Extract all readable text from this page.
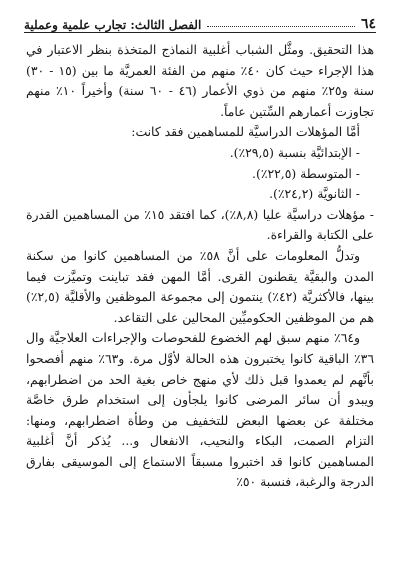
٦٤
الفصل الثالث: تجارب علمية وعملية

هذا التحقيق. ومثَّل الشباب أغلبية النماذج المتخذة بنظر الاعتبار في هذا الإجراء حيث كان ٤٠٪ منهم من الفئة العمريَّة ما بين (١٥ - ٣٠) سنة و٢٥٪ منهم من ذوي الأعمار (٤٦ - ٦٠ سنة) وأخيراً ١٠٪ منهم تجاوزت أعمارهم السِّتين عاماً.

أمَّا المؤهلات الدراسيَّة للمساهمين فقد كانت:

- الإبتدائيَّة بنسبة (٢٩,٥٪).

- المتوسطة (٢٢,٥٪).

- الثانويَّة (٢٤,٢٪).

- مؤهلات دراسيَّة عليا (٨,٨٪)، كما افتقد ١٥٪ من المساهمين القدرة على الكتابة والقراءة.

وتدلُّ المعلومات على أنَّ ٥٨٪ من المساهمين كانوا من سكنة المدن والبقيَّة يقطنون القرى. أمَّا المهن فقد تباينت وتميَّزت فيما بينها، فالأكثريَّة (٤٢٪) ينتمون إلى مجموعة الموظفين والأقليَّة (٢,٥٪) هم من الموظفين الحكوميِّين المحالين على التقاعد.

و٦٤٪ منهم سبق لهم الخضوع للفحوصات والإجراءات العلاجيَّة وال ٣٦٪ الباقية كانوا يختبرون هذه الحالة لأوَّل مرة. و٦٣٪ منهم أفصحوا بأنَّهم لم يعمدوا قبل ذلك لأي منهج خاص بغية الحد من اضطرابهم، ويبدو أن سائر المرضى كانوا يلجأون إلى استخدام طرق خاصَّة مختلفة عن بعضها البعض للتخفيف من وطأة اضطرابهم، ومنها: التزام الصمت، البكاء والنحيب، الانفعال و... يُذكر أنَّ أغلبية المساهمين كانوا قد اختبروا مسبقاً الاستماع إلى الموسيقى بفارق الدرجة والرغبة، فنسبة ٥٠٪
